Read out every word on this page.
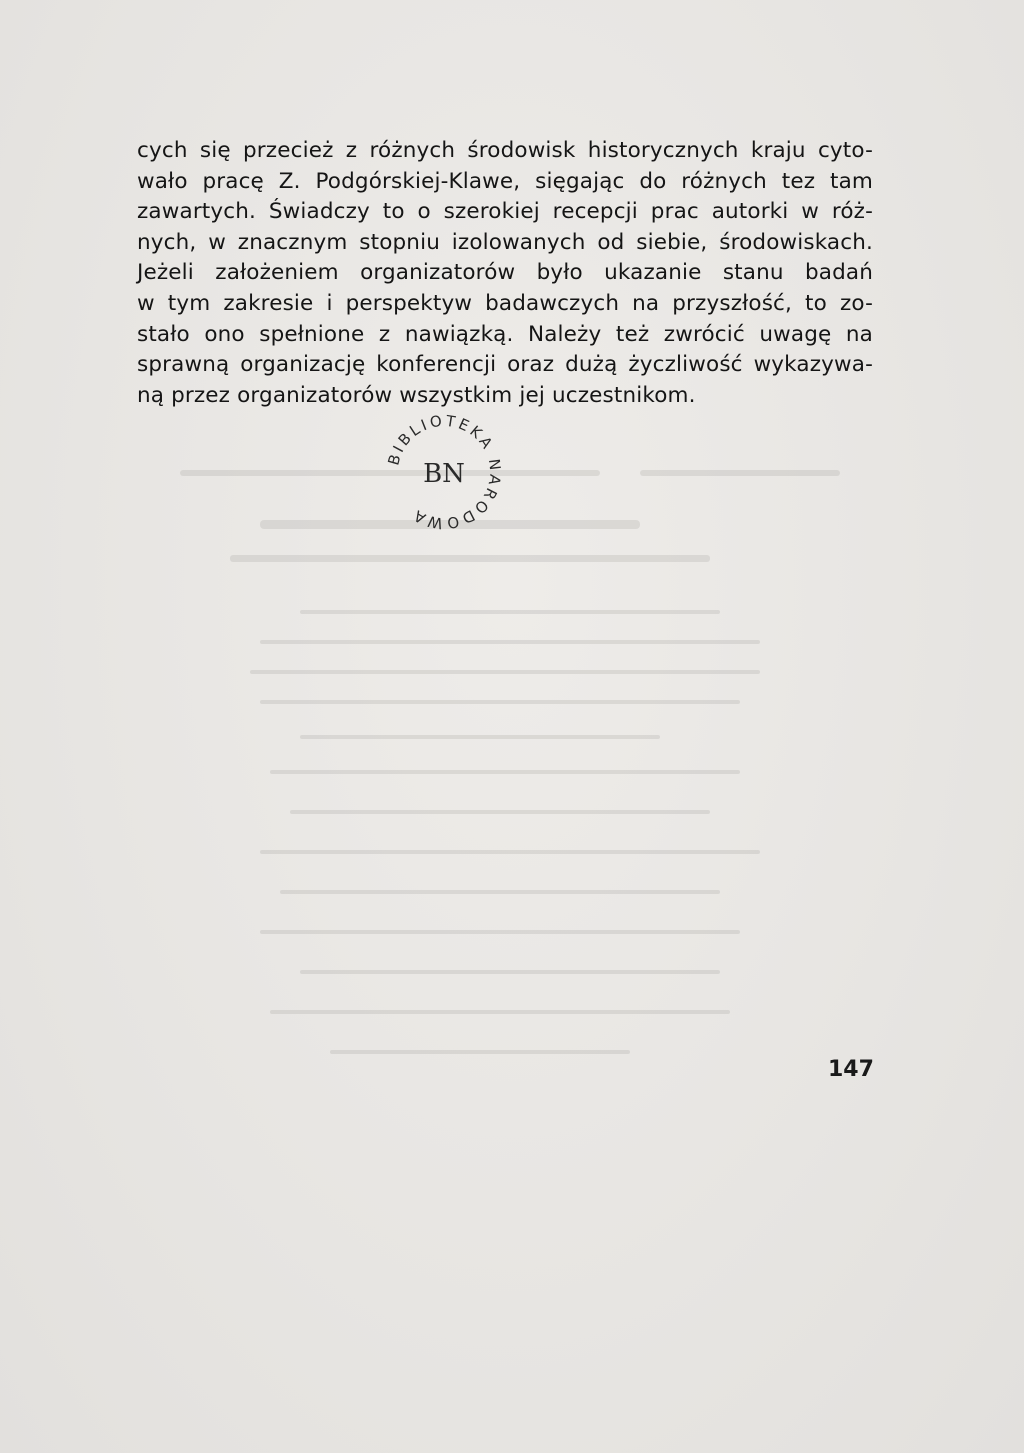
cych się przecież z różnych środowisk historycznych kraju cyto-
wało pracę Z. Podgórskiej-Klawe, sięgając do różnych tez tam
zawartych. Świadczy to o szerokiej recepcji prac autorki w róż-
nych, w znacznym stopniu izolowanych od siebie, środowiskach.
Jeżeli założeniem organizatorów było ukazanie stanu badań
w tym zakresie i perspektyw badawczych na przyszłość, to zo-
stało ono spełnione z nawiązką. Należy też zwrócić uwagę na
sprawną organizację konferencji oraz dużą życzliwość wykazywa-
ną przez organizatorów wszystkim jej uczestnikom.
BIBLIOTEKA NARODOWA
BN
147
